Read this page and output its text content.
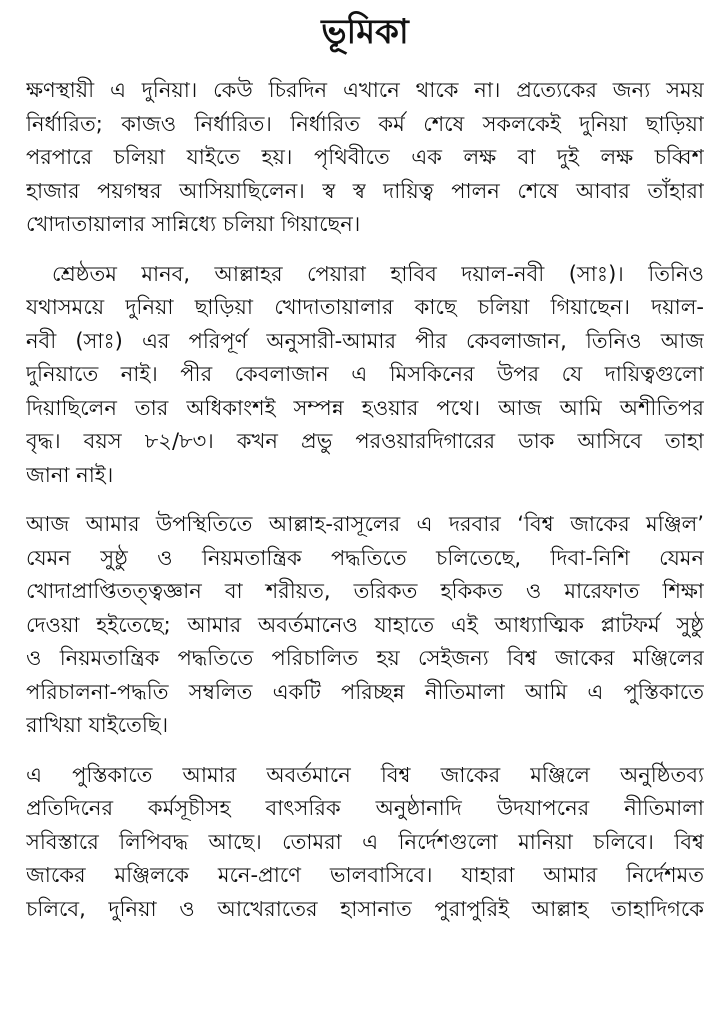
ভূমিকা
ক্ষণস্থায়ী এ দুনিয়া। কেউ চিরদিন এখানে থাকে না। প্রত্যেকের জন্য সময়
নির্ধারিত; কাজও নির্ধারিত। নির্ধারিত কর্ম শেষে সকলকেই দুনিয়া ছাড়িয়া
পরপারে চলিয়া যাইতে হয়। পৃথিবীতে এক লক্ষ বা দুই লক্ষ চব্বিশ
হাজার পয়গম্বর আসিয়াছিলেন। স্ব স্ব দায়িত্ব পালন শেষে আবার তাঁহারা
খোদাতায়ালার সান্নিধ্যে চলিয়া গিয়াছেন।
শ্রেষ্ঠতম মানব, আল্লাহর পেয়ারা হাবিব দয়াল-নবী (সাঃ)। তিনিও
যথাসময়ে দুনিয়া ছাড়িয়া খোদাতায়ালার কাছে চলিয়া গিয়াছেন। দয়াল-
নবী (সাঃ) এর পরিপূর্ণ অনুসারী-আমার পীর কেবলাজান, তিনিও আজ
দুনিয়াতে নাই। পীর কেবলাজান এ মিসকিনের উপর যে দায়িত্বগুলো
দিয়াছিলেন তার অধিকাংশই সম্পন্ন হওয়ার পথে। আজ আমি অশীতিপর
বৃদ্ধ। বয়স ৮২/৮৩। কখন প্রভু পরওয়ারদিগারের ডাক আসিবে তাহা
জানা নাই।
আজ আমার উপস্থিতিতে আল্লাহ-রাসূলের এ দরবার ‘বিশ্ব জাকের মঞ্জিল’
যেমন সুষ্ঠু ও নিয়মতান্ত্রিক পদ্ধতিতে চলিতেছে, দিবা-নিশি যেমন
খোদাপ্রাপ্তিতত্ত্বজ্ঞান বা শরীয়ত, তরিকত হকিকত ও মারেফাত শিক্ষা
দেওয়া হইতেছে; আমার অবর্তমানেও যাহাতে এই আধ্যাত্মিক প্লাটফর্ম সুষ্ঠু
ও নিয়মতান্ত্রিক পদ্ধতিতে পরিচালিত হয় সেইজন্য বিশ্ব জাকের মঞ্জিলের
পরিচালনা-পদ্ধতি সম্বলিত একটি পরিচ্ছন্ন নীতিমালা আমি এ পুস্তিকাতে
রাখিয়া যাইতেছি।
এ পুস্তিকাতে আমার অবর্তমানে বিশ্ব জাকের মঞ্জিলে অনুষ্ঠিতব্য
প্রতিদিনের কর্মসূচীসহ বাৎসরিক অনুষ্ঠানাদি উদযাপনের নীতিমালা
সবিস্তারে লিপিবদ্ধ আছে। তোমরা এ নির্দেশগুলো মানিয়া চলিবে। বিশ্ব
জাকের মঞ্জিলকে মনে-প্রাণে ভালবাসিবে। যাহারা আমার নির্দেশমত
চলিবে, দুনিয়া ও আখেরাতের হাসানাত পুরাপুরিই আল্লাহ তাহাদিগকে
